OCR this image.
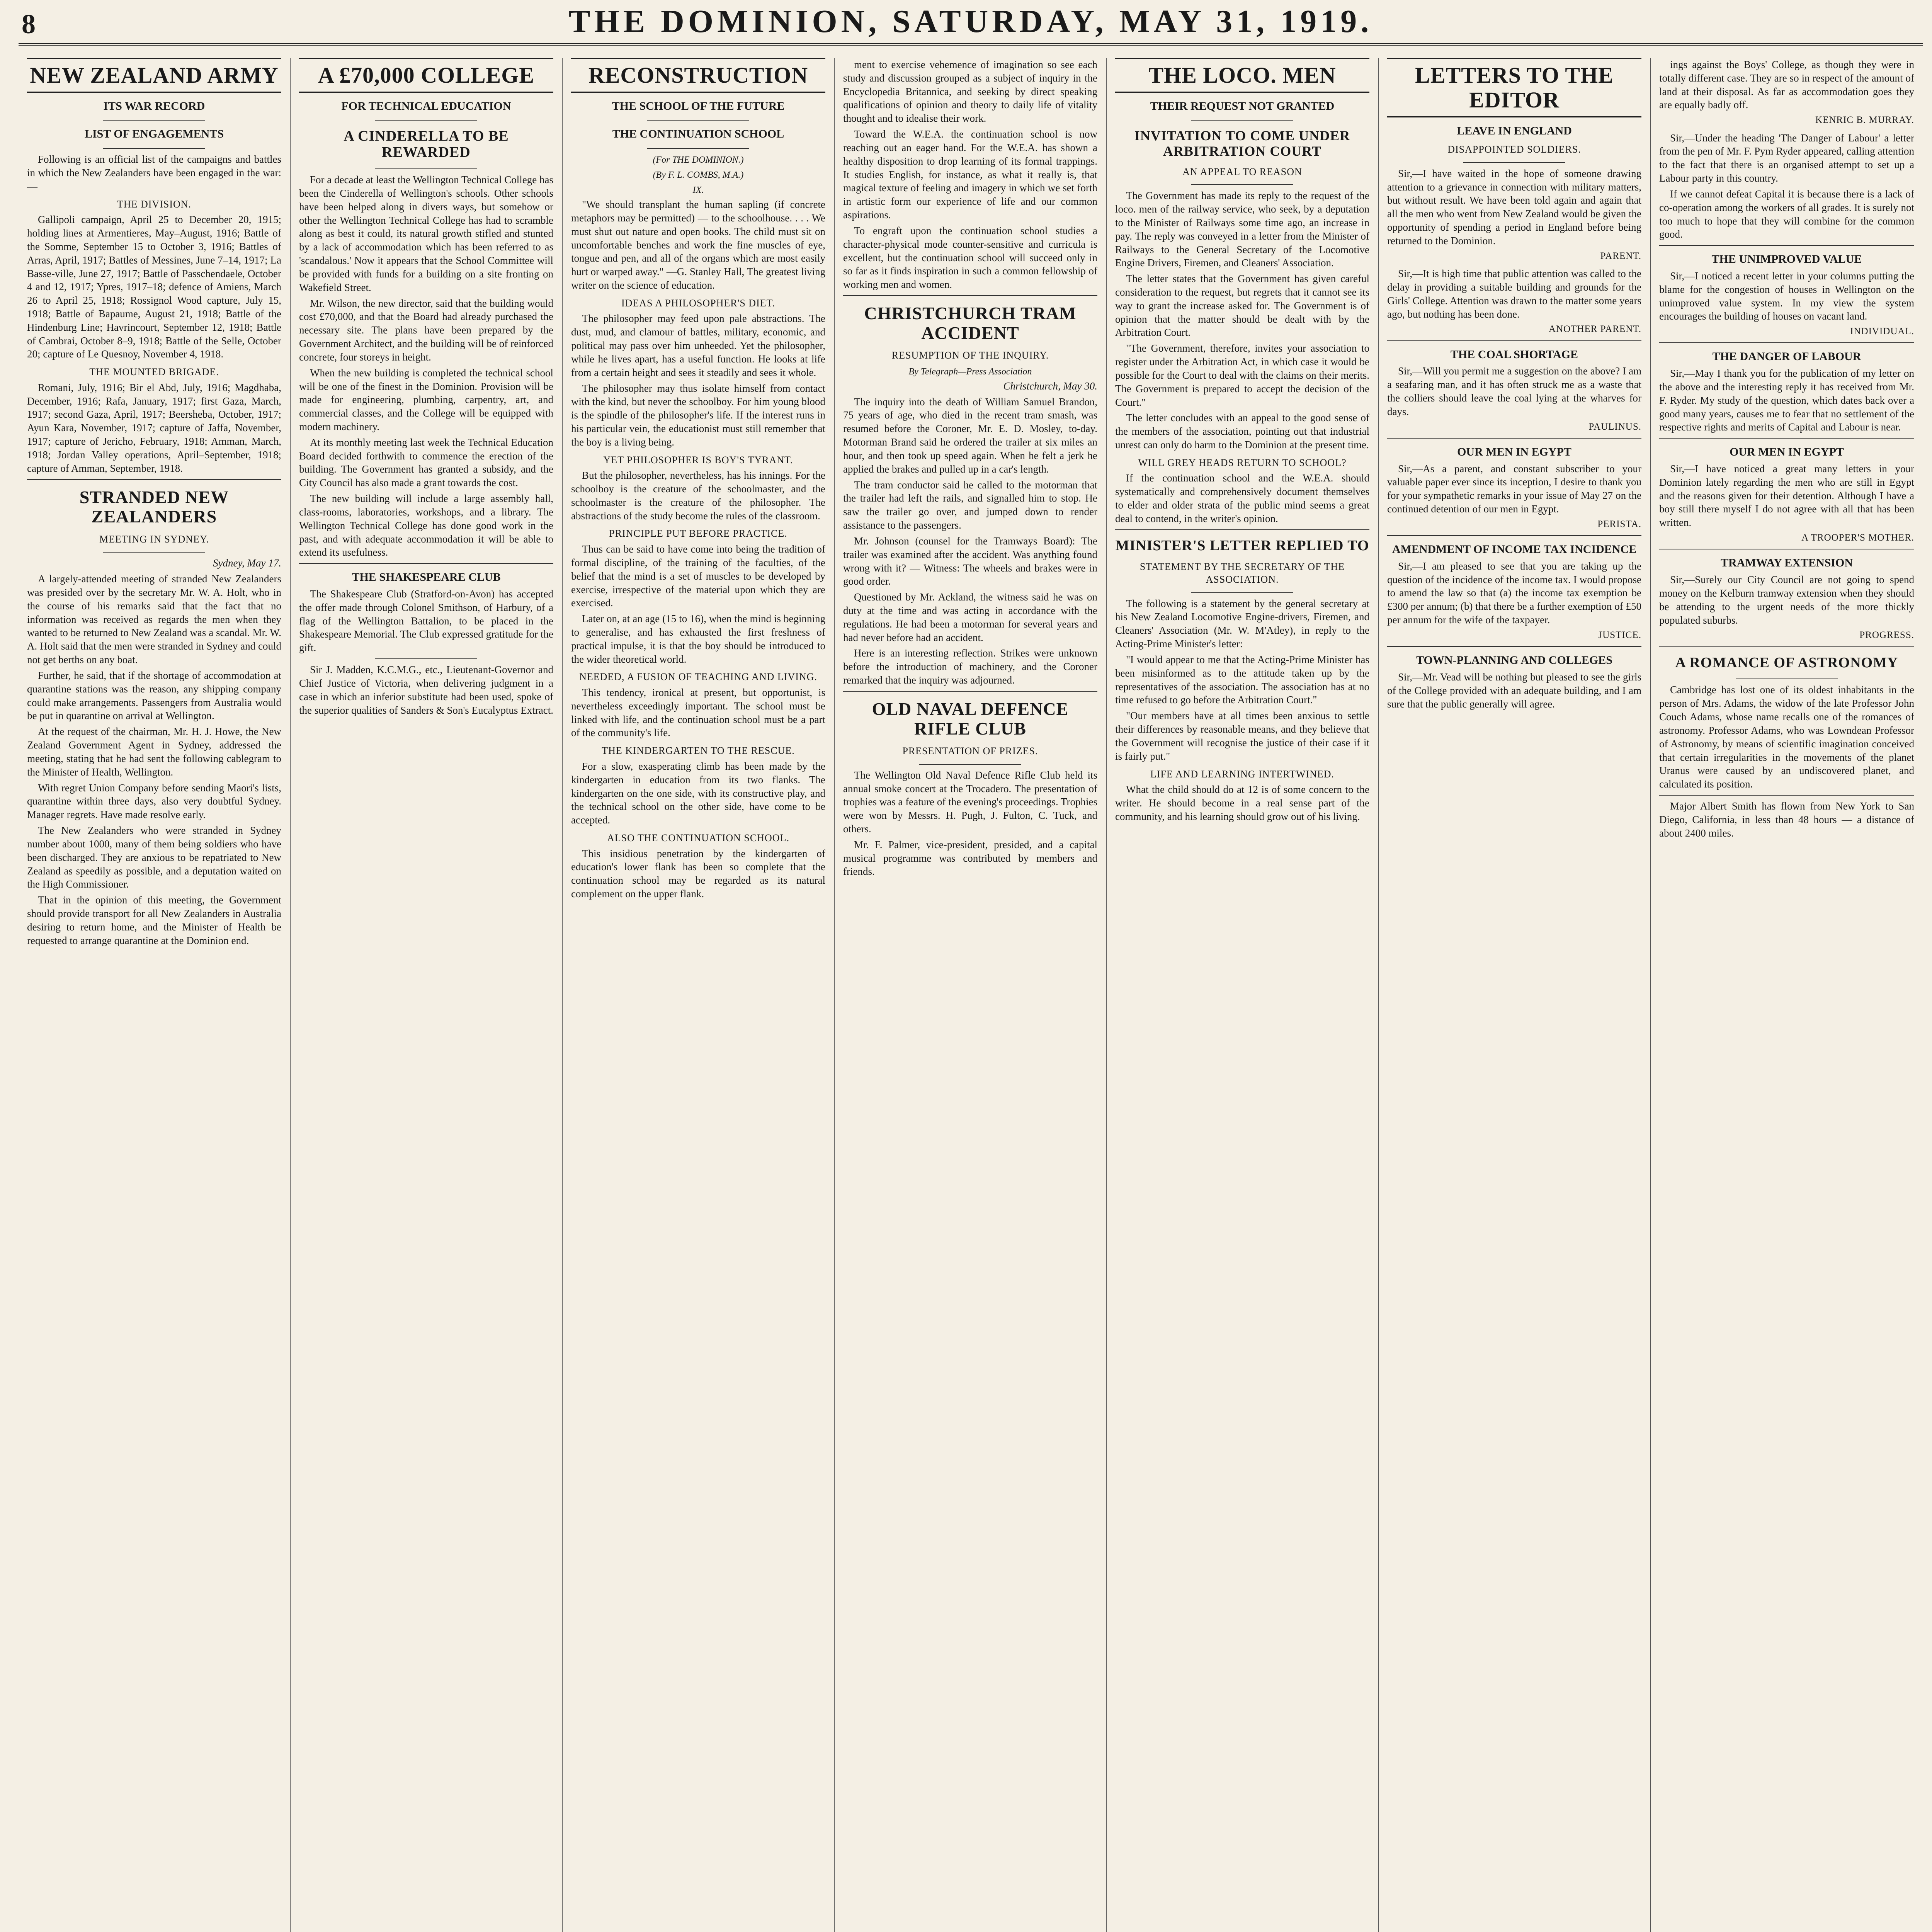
8	THE DOMINION, SATURDAY, MAY 31, 1919.
NEW ZEALAND ARMY
ITS WAR RECORD
LIST OF ENGAGEMENTS

Following is an official list of the campaigns and battles in which the New Zealanders have been engaged in the war:—

THE DIVISION.

Gallipoli campaign, April 25 to December 20, 1915; holding lines at Armentieres, May–August, 1916; Battle of the Somme, September 15 to October 3, 1916; Battles of Arras, April, 1917; Battles of Messines, June 7–14, 1917; La Basse-ville, June 27, 1917; Battle of Passchendaele, October 4 and 12, 1917; Ypres, 1917–18; defence of Amiens, March 26 to April 25, 1918; Rossignol Wood capture, July 15, 1918; Battle of Bapaume, August 21, 1918; Battle of the Hindenburg Line; Havrincourt, September 12, 1918; Battle of Cambrai, October 8–9, 1918; Battle of the Selle, October 20; capture of Le Quesnoy, November 4, 1918.

THE MOUNTED BRIGADE.

Romani, July, 1916; Bir el Abd, July, 1916; Magdhaba, December, 1916; Rafa, January, 1917; first Gaza, March, 1917; second Gaza, April, 1917; Beersheba, October, 1917; Ayun Kara, November, 1917; capture of Jaffa, November, 1917; capture of Jericho, February, 1918; Amman, March, 1918; Jordan Valley operations, April–September, 1918; capture of Amman, September, 1918.

STRANDED NEW ZEALANDERS
MEETING IN SYDNEY.

Sydney, May 17.

A largely-attended meeting of stranded New Zealanders was presided over by the secretary Mr. W. A. Holt, who in the course of his remarks said that the fact that no information was received as regards the men when they wanted to be returned to New Zealand was a scandal. Mr. W. A. Holt said that the men were stranded in Sydney and could not get berths on any boat.

Further, he said, that if the shortage of accommodation at quarantine stations was the reason, any shipping company could make arrangements. Passengers from Australia would be put in quarantine on arrival at Wellington.

At the request of the chairman, Mr. H. J. Howe, the New Zealand Government Agent in Sydney, addressed the meeting, stating that he had sent the following cablegram to the Minister of Health, Wellington.

With regret Union Company before sending Maori's lists, quarantine within three days, also very doubtful Sydney. Manager regrets. Have made resolve early.

The New Zealanders who were stranded in Sydney number about 1000, many of them being soldiers who have been discharged. They are anxious to be repatriated to New Zealand as speedily as possible, and a deputation waited on the High Commissioner.

That in the opinion of this meeting, the Government should provide transport for all New Zealanders in Australia desiring to return home, and the Minister of Health be requested to arrange quarantine at the Dominion end.

A £70,000 COLLEGE
FOR TECHNICAL EDUCATION
A CINDERELLA TO BE REWARDED

For a decade at least the Wellington Technical College has been the Cinderella of Wellington's schools. Other schools have been helped along in divers ways, but somehow or other the Wellington Technical College has had to scramble along as best it could, its natural growth stifled and stunted by a lack of accommodation which has been referred to as 'scandalous.' Now it appears that the School Committee will be provided with funds for a building on a site fronting on Wakefield Street.

Mr. Wilson, the new director, said that the building would cost £70,000, and that the Board had already purchased the necessary site. The plans have been prepared by the Government Architect, and the building will be of reinforced concrete, four storeys in height.

When the new building is completed the technical school will be one of the finest in the Dominion. Provision will be made for engineering, plumbing, carpentry, art, and commercial classes, and the College will be equipped with modern machinery.

At its monthly meeting last week the Technical Education Board decided forthwith to commence the erection of the building. The Government has granted a subsidy, and the City Council has also made a grant towards the cost.

The new building will include a large assembly hall, class-rooms, laboratories, workshops, and a library. The Wellington Technical College has done good work in the past, and with adequate accommodation it will be able to extend its usefulness.

THE SHAKESPEARE CLUB

The Shakespeare Club (Stratford-on-Avon) has accepted the offer made through Colonel Smithson, of Harbury, of a flag of the Wellington Battalion, to be placed in the Shakespeare Memorial. The Club expressed gratitude for the gift.

Sir J. Madden, K.C.M.G., etc., Lieutenant-Governor and Chief Justice of Victoria, when delivering judgment in a case in which an inferior substitute had been used, spoke of the superior qualities of Sanders & Son's Eucalyptus Extract.

RECONSTRUCTION
THE SCHOOL OF THE FUTURE
THE CONTINUATION SCHOOL
(For THE DOMINION.)
(By F. L. COMBS, M.A.)
IX.

"We should transplant the human sapling (if concrete metaphors may be permitted) — to the schoolhouse. . . . We must shut out nature and open books. The child must sit on uncomfortable benches and work the fine muscles of eye, tongue and pen, and all of the organs which are most easily hurt or warped away." —G. Stanley Hall, The greatest living writer on the science of education.

IDEAS A PHILOSOPHER'S DIET.

The philosopher may feed upon pale abstractions. The dust, mud, and clamour of battles, military, economic, and political may pass over him unheeded. Yet the philosopher, while he lives apart, has a useful function. He looks at life from a certain height and sees it steadily and sees it whole.

The philosopher may thus isolate himself from contact with the kind, but never the schoolboy. For him young blood is the spindle of the philosopher's life. If the interest runs in his particular vein, the educationist must still remember that the boy is a living being.

YET PHILOSOPHER IS BOY'S TYRANT.

But the philosopher, nevertheless, has his innings. For the schoolboy is the creature of the schoolmaster, and the schoolmaster is the creature of the philosopher. The abstractions of the study become the rules of the classroom.

PRINCIPLE PUT BEFORE PRACTICE.

Thus can be said to have come into being the tradition of formal discipline, of the training of the faculties, of the belief that the mind is a set of muscles to be developed by exercise, irrespective of the material upon which they are exercised.

Later on, at an age (15 to 16), when the mind is beginning to generalise, and has exhausted the first freshness of practical impulse, it is that the boy should be introduced to the wider theoretical world.

NEEDED, A FUSION OF TEACHING AND LIVING.

This tendency, ironical at present, but opportunist, is nevertheless exceedingly important. The school must be linked with life, and the continuation school must be a part of the community's life.

THE KINDERGARTEN TO THE RESCUE.

For a slow, exasperating climb has been made by the kindergarten in education from its two flanks. The kindergarten on the one side, with its constructive play, and the technical school on the other side, have come to be accepted.

ALSO THE CONTINUATION SCHOOL.

This insidious penetration by the kindergarten of education's lower flank has been so complete that the continuation school may be regarded as its natural complement on the upper flank.

ment to exercise vehemence of imagination so see each study and discussion grouped as a subject of inquiry in the Encyclopedia Britannica, and seeking by direct speaking qualifications of opinion and theory to daily life of vitality thought and to idealise their work.

Toward the W.E.A. the continuation school is now reaching out an eager hand. For the W.E.A. has shown a healthy disposition to drop learning of its formal trappings. It studies English, for instance, as what it really is, that magical texture of feeling and imagery in which we set forth in artistic form our experience of life and our common aspirations.

To engraft upon the continuation school studies a character-physical mode counter-sensitive and curricula is excellent, but the continuation school will succeed only in so far as it finds inspiration in such a common fellowship of working men and women.

CHRISTCHURCH TRAM ACCIDENT
RESUMPTION OF THE INQUIRY.
By Telegraph—Press Association

Christchurch, May 30.

The inquiry into the death of William Samuel Brandon, 75 years of age, who died in the recent tram smash, was resumed before the Coroner, Mr. E. D. Mosley, to-day. Motorman Brand said he ordered the trailer at six miles an hour, and then took up speed again. When he felt a jerk he applied the brakes and pulled up in a car's length.

The tram conductor said he called to the motorman that the trailer had left the rails, and signalled him to stop. He saw the trailer go over, and jumped down to render assistance to the passengers.

Mr. Johnson (counsel for the Tramways Board): The trailer was examined after the accident. Was anything found wrong with it? — Witness: The wheels and brakes were in good order.

Questioned by Mr. Ackland, the witness said he was on duty at the time and was acting in accordance with the regulations. He had been a motorman for several years and had never before had an accident.

Here is an interesting reflection. Strikes were unknown before the introduction of machinery, and the Coroner remarked that the inquiry was adjourned.

OLD NAVAL DEFENCE RIFLE CLUB
PRESENTATION OF PRIZES.

The Wellington Old Naval Defence Rifle Club held its annual smoke concert at the Trocadero. The presentation of trophies was a feature of the evening's proceedings. Trophies were won by Messrs. H. Pugh, J. Fulton, C. Tuck, and others.

Mr. F. Palmer, vice-president, presided, and a capital musical programme was contributed by members and friends.

THE LOCO. MEN
THEIR REQUEST NOT GRANTED
INVITATION TO COME UNDER ARBITRATION COURT
AN APPEAL TO REASON

The Government has made its reply to the request of the loco. men of the railway service, who seek, by a deputation to the Minister of Railways some time ago, an increase in pay. The reply was conveyed in a letter from the Minister of Railways to the General Secretary of the Locomotive Engine Drivers, Firemen, and Cleaners' Association.

The letter states that the Government has given careful consideration to the request, but regrets that it cannot see its way to grant the increase asked for. The Government is of opinion that the matter should be dealt with by the Arbitration Court.

"The Government, therefore, invites your association to register under the Arbitration Act, in which case it would be possible for the Court to deal with the claims on their merits. The Government is prepared to accept the decision of the Court."

The letter concludes with an appeal to the good sense of the members of the association, pointing out that industrial unrest can only do harm to the Dominion at the present time.

WILL GREY HEADS RETURN TO SCHOOL?

If the continuation school and the W.E.A. should systematically and comprehensively document themselves to elder and older strata of the public mind seems a great deal to contend, in the writer's opinion.

MINISTER'S LETTER REPLIED TO
STATEMENT BY THE SECRETARY OF THE ASSOCIATION.

The following is a statement by the general secretary at his New Zealand Locomotive Engine-drivers, Firemen, and Cleaners' Association (Mr. W. M'Atley), in reply to the Acting-Prime Minister's letter:

"I would appear to me that the Acting-Prime Minister has been misinformed as to the attitude taken up by the representatives of the association. The association has at no time refused to go before the Arbitration Court."

"Our members have at all times been anxious to settle their differences by reasonable means, and they believe that the Government will recognise the justice of their case if it is fairly put."

LIFE AND LEARNING INTERTWINED.

What the child should do at 12 is of some concern to the writer. He should become in a real sense part of the community, and his learning should grow out of his living.

LETTERS TO THE EDITOR
LEAVE IN ENGLAND
DISAPPOINTED SOLDIERS.

Sir,—I have waited in the hope of someone drawing attention to a grievance in connection with military matters, but without result. We have been told again and again that all the men who went from New Zealand would be given the opportunity of spending a period in England before being returned to the Dominion.

PARENT.

Sir,—It is high time that public attention was called to the delay in providing a suitable building and grounds for the Girls' College. Attention was drawn to the matter some years ago, but nothing has been done.

ANOTHER PARENT.
THE COAL SHORTAGE

Sir,—Will you permit me a suggestion on the above? I am a seafaring man, and it has often struck me as a waste that the colliers should leave the coal lying at the wharves for days.

PAULINUS.
OUR MEN IN EGYPT

Sir,—As a parent, and constant subscriber to your valuable paper ever since its inception, I desire to thank you for your sympathetic remarks in your issue of May 27 on the continued detention of our men in Egypt.

PERISTA.
AMENDMENT OF INCOME TAX INCIDENCE

Sir,—I am pleased to see that you are taking up the question of the incidence of the income tax. I would propose to amend the law so that (a) the income tax exemption be £300 per annum; (b) that there be a further exemption of £50 per annum for the wife of the taxpayer.

JUSTICE.
TOWN-PLANNING AND COLLEGES

Sir,—Mr. Vead will be nothing but pleased to see the girls of the College provided with an adequate building, and I am sure that the public generally will agree.

ings against the Boys' College, as though they were in totally different case. They are so in respect of the amount of land at their disposal. As far as accommodation goes they are equally badly off.

KENRIC B. MURRAY.

Sir,—Under the heading 'The Danger of Labour' a letter from the pen of Mr. F. Pym Ryder appeared, calling attention to the fact that there is an organised attempt to set up a Labour party in this country.

If we cannot defeat Capital it is because there is a lack of co-operation among the workers of all grades. It is surely not too much to hope that they will combine for the common good.

THE UNIMPROVED VALUE

Sir,—I noticed a recent letter in your columns putting the blame for the congestion of houses in Wellington on the unimproved value system. In my view the system encourages the building of houses on vacant land.

INDIVIDUAL.
THE DANGER OF LABOUR

Sir,—May I thank you for the publication of my letter on the above and the interesting reply it has received from Mr. F. Ryder. My study of the question, which dates back over a good many years, causes me to fear that no settlement of the respective rights and merits of Capital and Labour is near.

OUR MEN IN EGYPT

Sir,—I have noticed a great many letters in your Dominion lately regarding the men who are still in Egypt and the reasons given for their detention. Although I have a boy still there myself I do not agree with all that has been written.

A TROOPER'S MOTHER.
TRAMWAY EXTENSION

Sir,—Surely our City Council are not going to spend money on the Kelburn tramway extension when they should be attending to the urgent needs of the more thickly populated suburbs.

PROGRESS.
A ROMANCE OF ASTRONOMY

Cambridge has lost one of its oldest inhabitants in the person of Mrs. Adams, the widow of the late Professor John Couch Adams, whose name recalls one of the romances of astronomy. Professor Adams, who was Lowndean Professor of Astronomy, by means of scientific imagination conceived that certain irregularities in the movements of the planet Uranus were caused by an undiscovered planet, and calculated its position.

Major Albert Smith has flown from New York to San Diego, California, in less than 48 hours — a distance of about 2400 miles.
